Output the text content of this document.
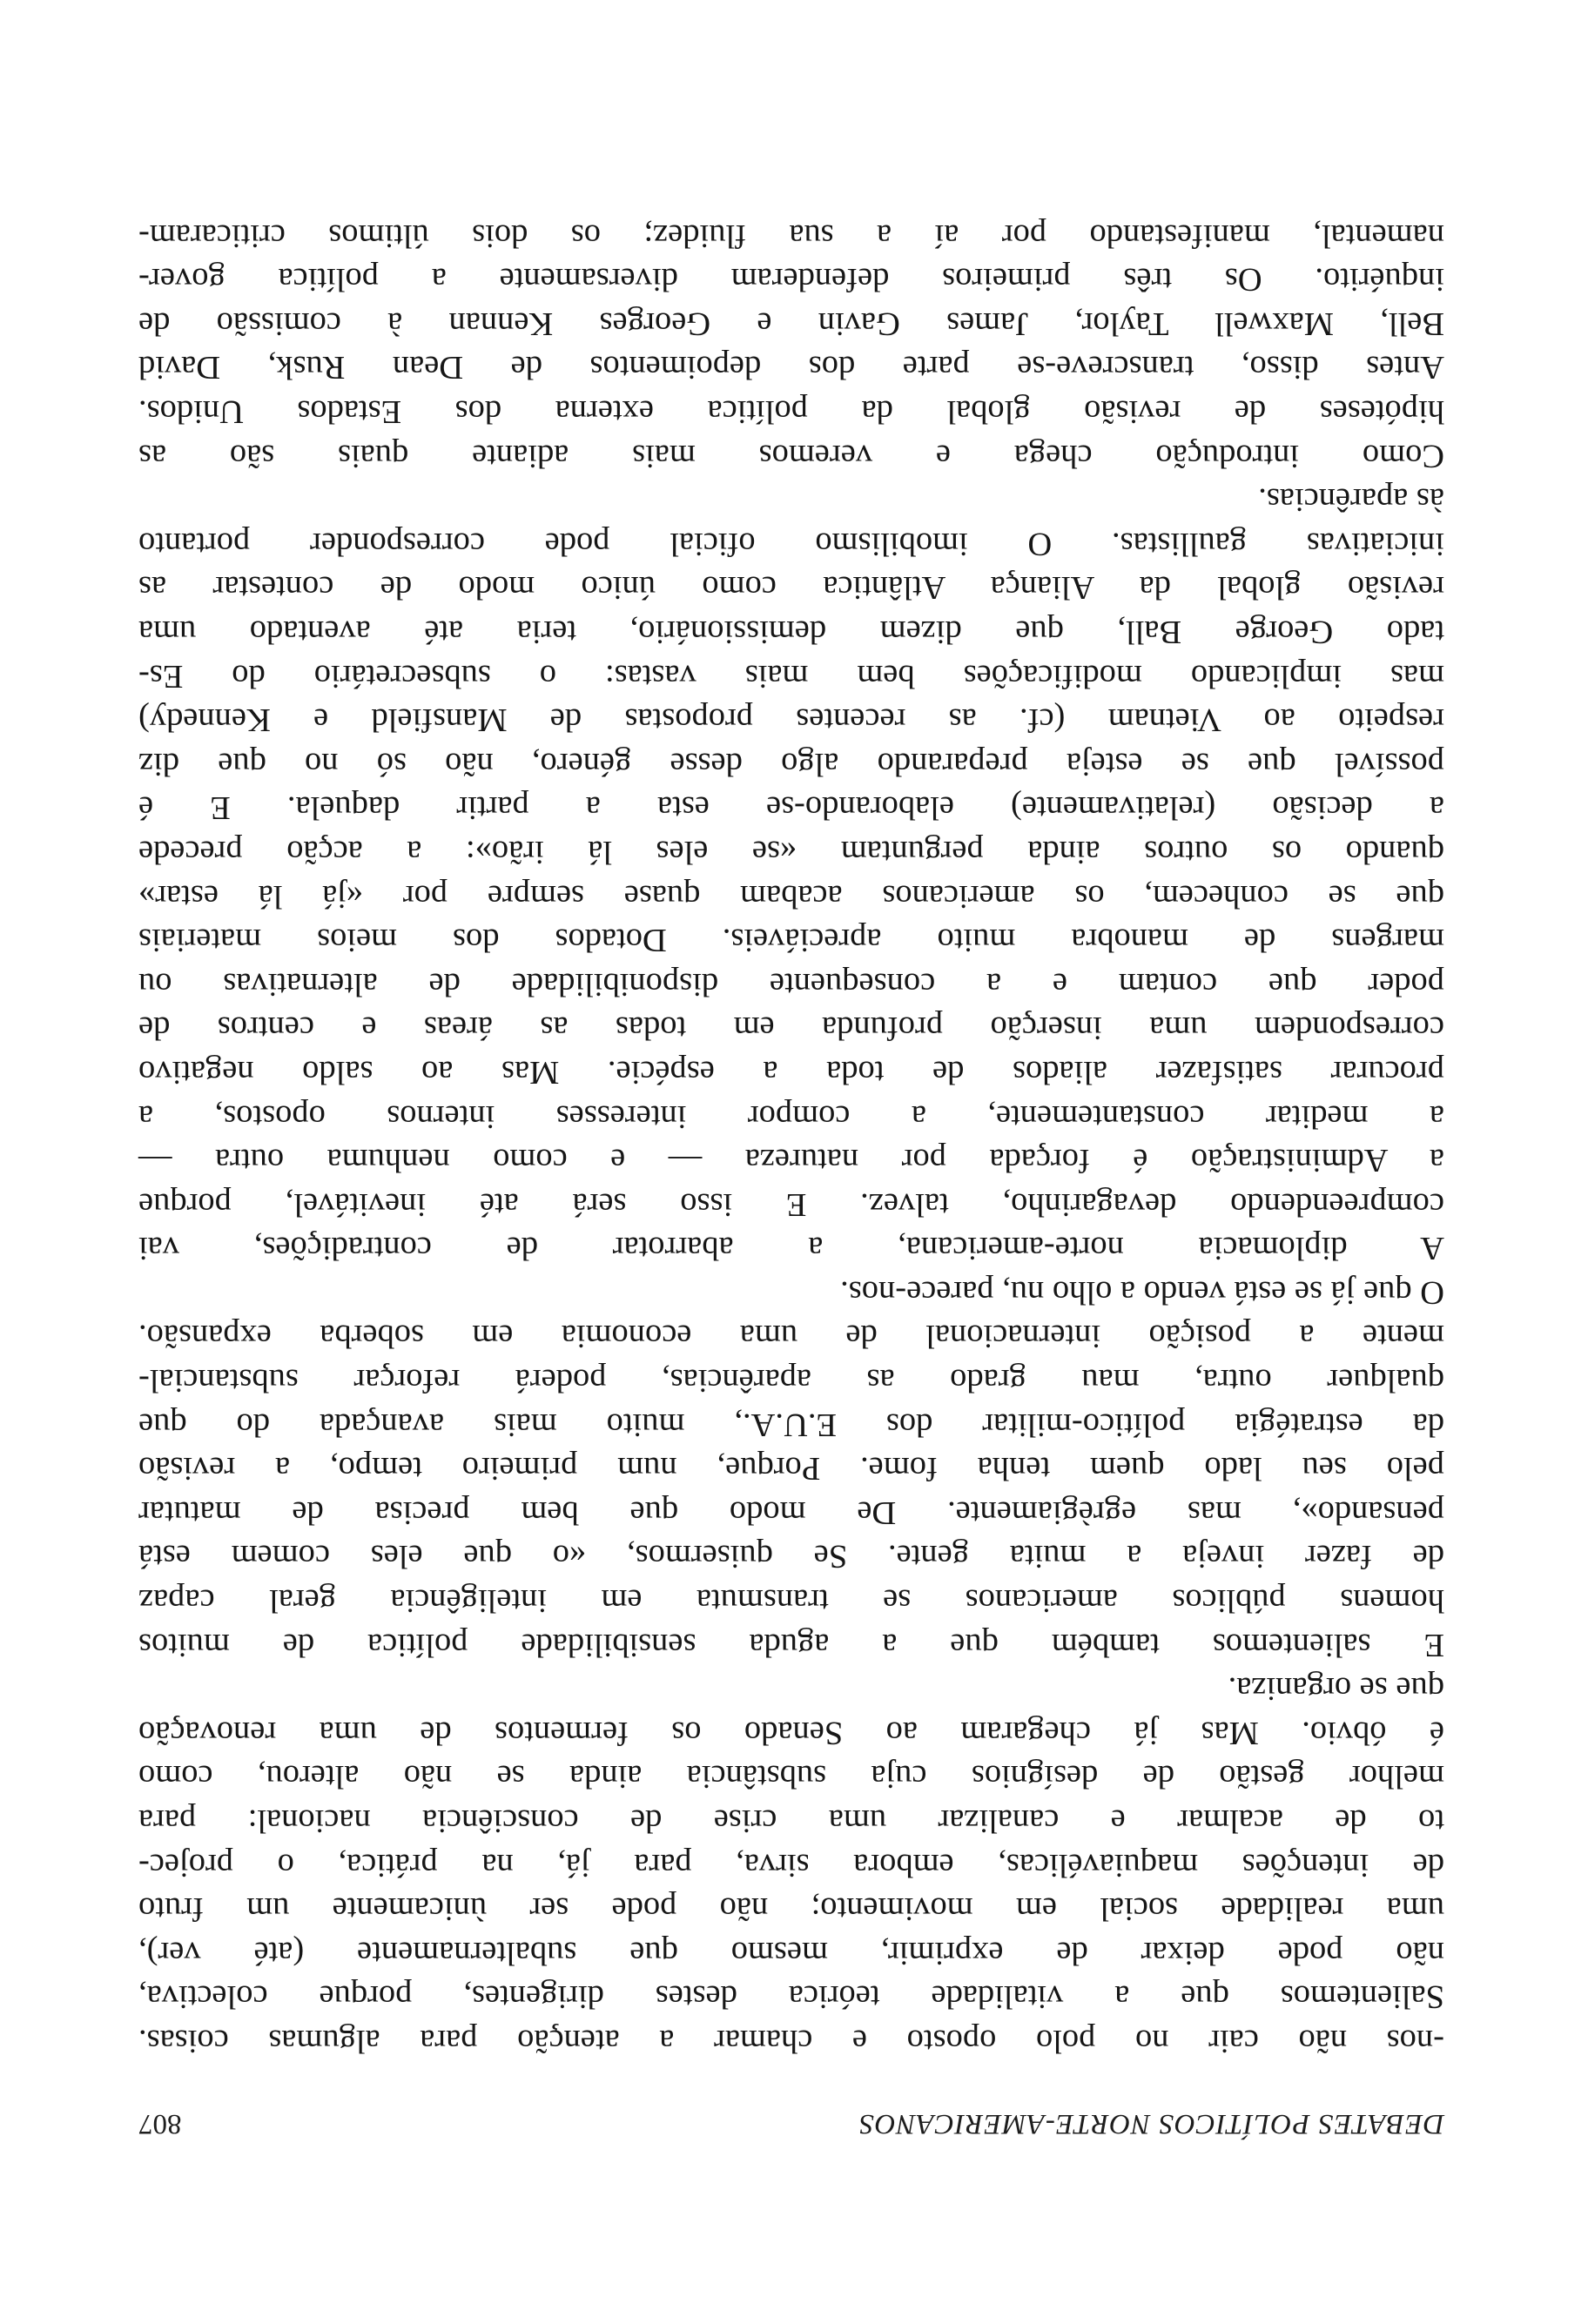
DEBATES POLÍTICOS NORTE-AMERICANOS
807
-nos não cair no polo oposto e chamar a atenção para algumas coisas.
Salientemos que a vitalidade teórica destes dirigentes, porque colectiva,
não pode deixar de exprimir, mesmo que subalternamente (até ver),
uma realidade social em movimento; não pode ser ùnicamente um fruto
de intenções maquiavélicas, embora sirva, para já, na prática, o projec-
to de acalmar e canalizar uma crise de consciência nacional: para
melhor gestão de desígnios cuja substância ainda se não alterou, como
é óbvio. Mas já chegaram ao Senado os fermentos de uma renovação
que se organiza.
E salientemos também que a aguda sensibilidade política de muitos
homens públicos americanos se transmuta em inteligência geral capaz
de fazer inveja a muita gente. Se quisermos, «o que eles comem está
pensando», mas egrègiamente. De modo que bem precisa de matutar
pelo seu lado quem tenha fome. Porque, num primeiro tempo, a revisão
da estratégia político-militar dos E.U.A., muito mais avançada do que
qualquer outra, mau grado as aparências, poderá reforçar substancial-
mente a posição internacional de uma economia em soberba expansão.
O que já se está vendo a olho nu, parece-nos.
A diplomacia norte-americana, a abarrotar de contradições, vai
compreendendo devagarinho, talvez. E isso será até inevitável, porque
a Administração é forçada por natureza — e como nenhuma outra —
a meditar constantemente, a compor interesses internos opostos, a
procurar satisfazer aliados de toda a espécie. Mas ao saldo negativo
correspondem uma inserção profunda em todas as áreas e centros de
poder que contam e a consequente disponibilidade de alternativas ou
margens de manobra muito apreciáveis. Dotados dos meios materiais
que se conhecem, os americanos acabam quase sempre por «já lá estar»
quando os outros ainda perguntam «se eles lá irão»: a acção precede
a decisão (relativamente) elaborando-se esta a partir daquela. E é
possível que se esteja preparando algo desse género, não só no que diz
respeito ao Vietnam (cf. as recentes propostas de Mansfield e Kennedy)
mas implicando modificações bem mais vastas: o subsecretário do Es-
tado George Ball, que dizem demissionário, teria até aventado uma
revisão global da Aliança Atlântica como único modo de contestar as
iniciativas gaullistas. O imobilismo oficial pode corresponder portanto
às aparências.
Como introdução chega e veremos mais adiante quais são as
hipóteses de revisão global da política externa dos Estados Unidos.
Antes disso, transcreve-se parte dos depoimentos de Dean Rusk, David
Bell, Maxwell Taylor, James Gavin e Georges Kennan à comissão de
inquérito. Os três primeiros defenderam diversamente a política gover-
namental, manifestando por aí a sua fluidez; os dois últimos criticaram-
